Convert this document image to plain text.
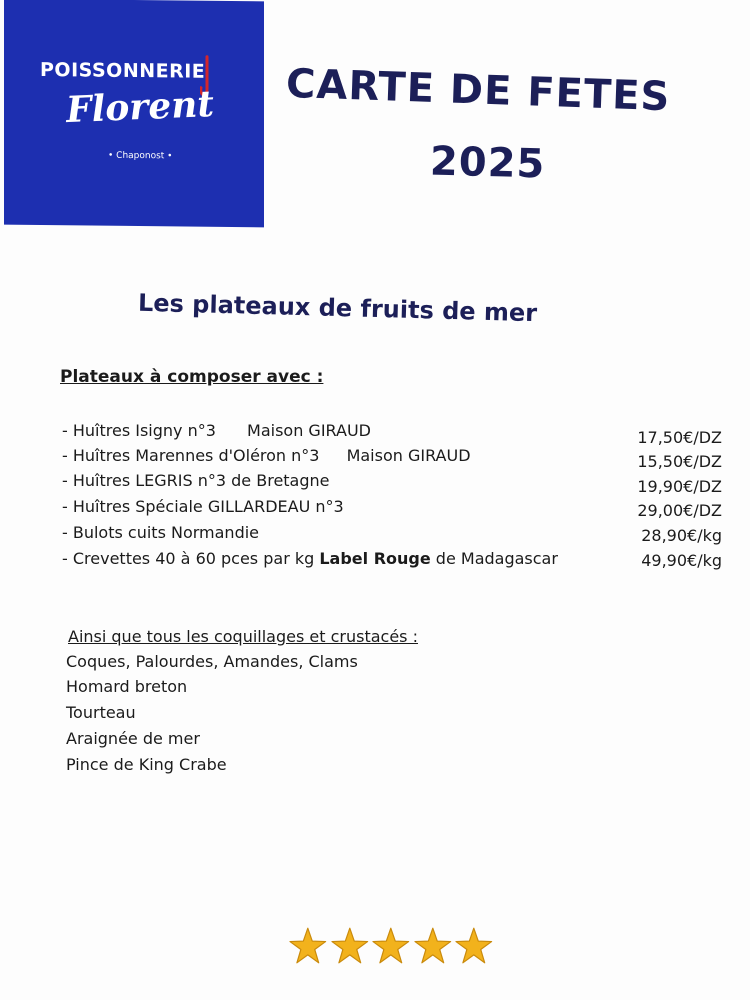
POISSONNERIE
Florent
• Chaponost •
CARTE DE FETES
2025
Les plateaux de fruits de mer
Plateaux à composer avec :
- Huîtres Isigny n°3 Maison GIRAUD	17,50€/DZ
- Huîtres Marennes d'Oléron n°3 Maison GIRAUD	15,50€/DZ
- Huîtres LEGRIS n°3 de Bretagne	19,90€/DZ
- Huîtres Spéciale GILLARDEAU n°3	29,00€/DZ
- Bulots cuits Normandie	28,90€/kg
- Crevettes 40 à 60 pces par kg Label Rouge de Madagascar	49,90€/kg
Ainsi que tous les coquillages et crustacés :
Coques, Palourdes, Amandes, Clams
Homard breton
Tourteau
Araignée de mer
Pince de King Crabe
